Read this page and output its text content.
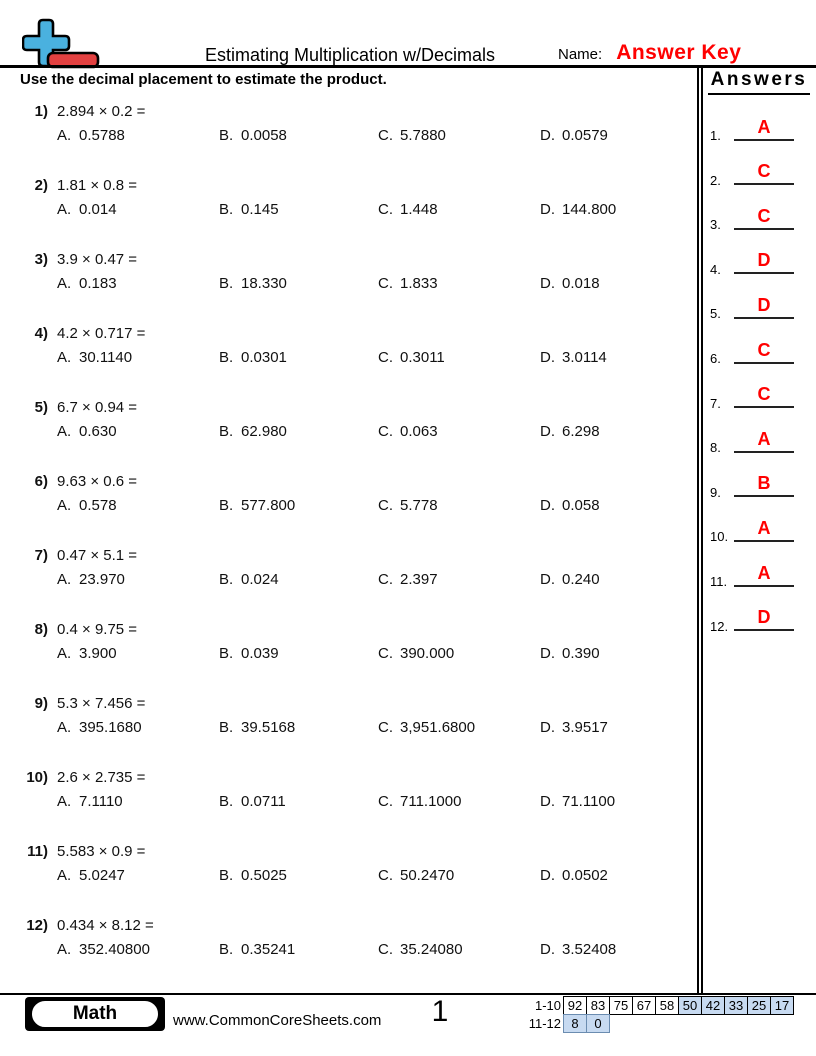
Estimating Multiplication w/Decimals	Name: Answer Key
Use the decimal placement to estimate the product.
1) 2.894 × 0.2 =
A. 0.5788	B. 0.0058	C. 5.7880	D. 0.0579
2) 1.81 × 0.8 =
A. 0.014	B. 0.145	C. 1.448	D. 144.800
3) 3.9 × 0.47 =
A. 0.183	B. 18.330	C. 1.833	D. 0.018
4) 4.2 × 0.717 =
A. 30.1140	B. 0.0301	C. 0.3011	D. 3.0114
5) 6.7 × 0.94 =
A. 0.630	B. 62.980	C. 0.063	D. 6.298
6) 9.63 × 0.6 =
A. 0.578	B. 577.800	C. 5.778	D. 0.058
7) 0.47 × 5.1 =
A. 23.970	B. 0.024	C. 2.397	D. 0.240
8) 0.4 × 9.75 =
A. 3.900	B. 0.039	C. 390.000	D. 0.390
9) 5.3 × 7.456 =
A. 395.1680	B. 39.5168	C. 3,951.6800	D. 3.9517
10) 2.6 × 2.735 =
A. 7.1110	B. 0.0711	C. 711.1000	D. 71.1100
11) 5.583 × 0.9 =
A. 5.0247	B. 0.5025	C. 50.2470	D. 0.0502
12) 0.434 × 8.12 =
A. 352.40800	B. 0.35241	C. 35.24080	D. 3.52408
Answers
1.	A
2.	C
3.	C
4.	D
5.	D
6.	C
7.	C
8.	A
9.	B
10.	A
11.	A
12.	D
Math	www.CommonCoreSheets.com 1	1-10 92 83 75 67 58 50 42 33 25 17
11-12 8 0
